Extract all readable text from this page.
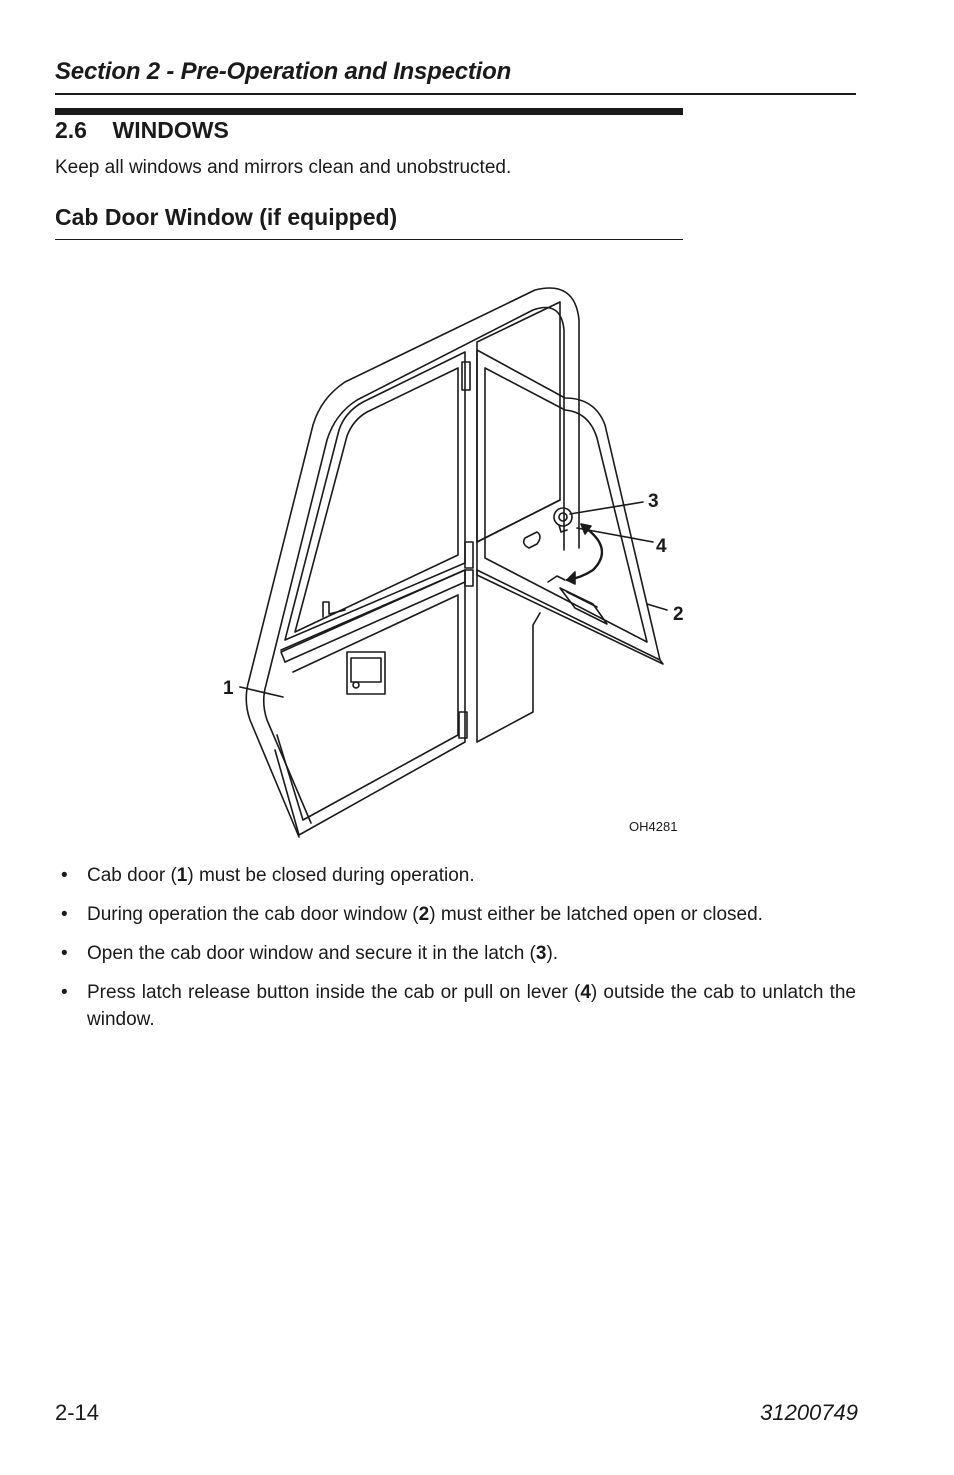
Section 2 - Pre-Operation and Inspection
2.6 WINDOWS
Keep all windows and mirrors clean and unobstructed.
Cab Door Window (if equipped)
1
2
3
4
OH4281
• Cab door (1) must be closed during operation.
• During operation the cab door window (2) must either be latched open or closed.
• Open the cab door window and secure it in the latch (3).
• Press latch release button inside the cab or pull on lever (4) outside the cab to unlatch the window.
2-14	31200749
